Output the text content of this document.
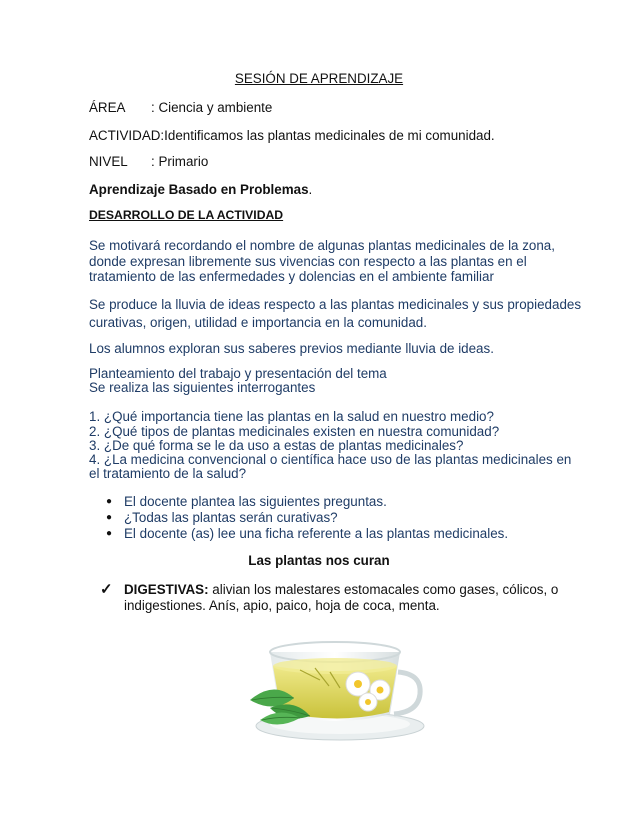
SESIÓN DE APRENDIZAJE
ÁREA : Ciencia y ambiente
ACTIVIDAD:Identificamos las plantas medicinales de mi comunidad.
NIVEL : Primario
Aprendizaje Basado en Problemas.
DESARROLLO DE LA ACTIVIDAD
Se motivará recordando el nombre de algunas plantas medicinales de la zona,
donde expresan libremente sus vivencias con respecto a las plantas en el
tratamiento de las enfermedades y dolencias en el ambiente familiar
Se produce la lluvia de ideas respecto a las plantas medicinales y sus propiedades
curativas, origen, utilidad e importancia en la comunidad.
Los alumnos exploran sus saberes previos mediante lluvia de ideas.
Planteamiento del trabajo y presentación del tema
Se realiza las siguientes interrogantes
1. ¿Qué importancia tiene las plantas en la salud en nuestro medio?
2. ¿Qué tipos de plantas medicinales existen en nuestra comunidad?
3. ¿De qué forma se le da uso a estas de plantas medicinales?
4. ¿La medicina convencional o científica hace uso de las plantas medicinales en
el tratamiento de la salud?
● El docente plantea las siguientes preguntas.
● ¿Todas las plantas serán curativas?
● El docente (as) lee una ficha referente a las plantas medicinales.
Las plantas nos curan
✓ DIGESTIVAS: alivian los malestares estomacales como gases, cólicos, o
indigestiones. Anís, apio, paico, hoja de coca, menta.
